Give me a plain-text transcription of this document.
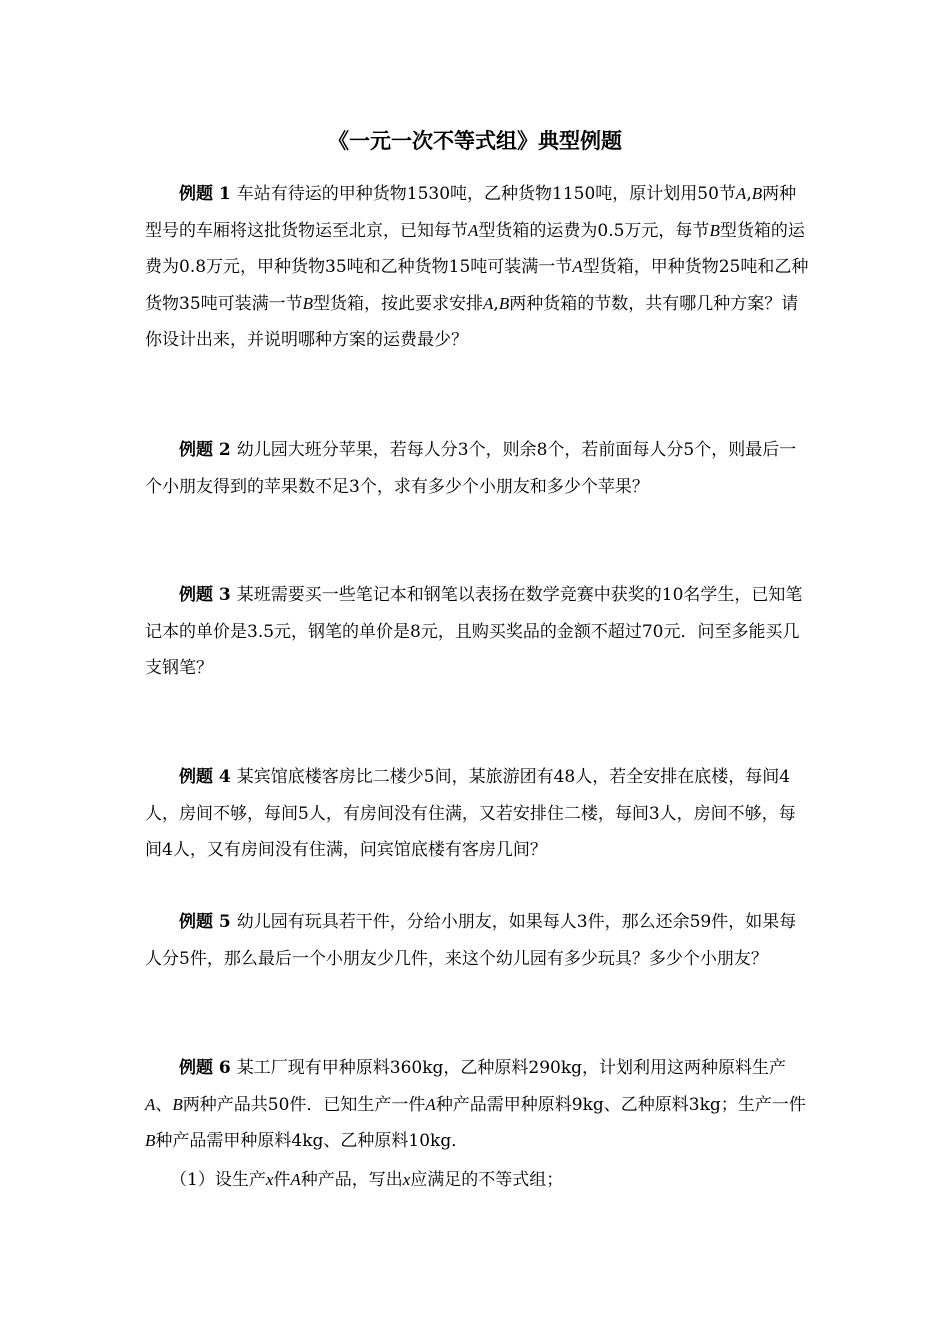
《一元一次不等式组》典型例题

例题 1 车站有待运的甲种货物1530吨，乙种货物1150吨，原计划用50节A,B两种型号的车厢将这批货物运至北京，已知每节A型货箱的运费为0.5万元，每节B型货箱的运费为0.8万元，甲种货物35吨和乙种货物15吨可装满一节A型货箱，甲种货物25吨和乙种货物35吨可装满一节B型货箱，按此要求安排A,B两种货箱的节数，共有哪几种方案？请你设计出来，并说明哪种方案的运费最少？

例题 2 幼儿园大班分苹果，若每人分3个，则余8个，若前面每人分5个，则最后一个小朋友得到的苹果数不足3个，求有多少个小朋友和多少个苹果？

例题 3 某班需要买一些笔记本和钢笔以表扬在数学竞赛中获奖的10名学生，已知笔记本的单价是3.5元，钢笔的单价是8元，且购买奖品的金额不超过70元．问至多能买几支钢笔？

例题 4 某宾馆底楼客房比二楼少5间，某旅游团有48人，若全安排在底楼，每间4人，房间不够，每间5人，有房间没有住满，又若安排住二楼，每间3人，房间不够，每间4人，又有房间没有住满，问宾馆底楼有客房几间？

例题 5 幼儿园有玩具若干件，分给小朋友，如果每人3件，那么还余59件，如果每人分5件，那么最后一个小朋友少几件，来这个幼儿园有多少玩具？多少个小朋友？

例题 6 某工厂现有甲种原料360kg，乙种原料290kg，计划利用这两种原料生产A、B两种产品共50件．已知生产一件A种产品需甲种原料9kg、乙种原料3kg；生产一件B种产品需甲种原料4kg、乙种原料10kg．

（1）设生产x件A种产品，写出x应满足的不等式组；
